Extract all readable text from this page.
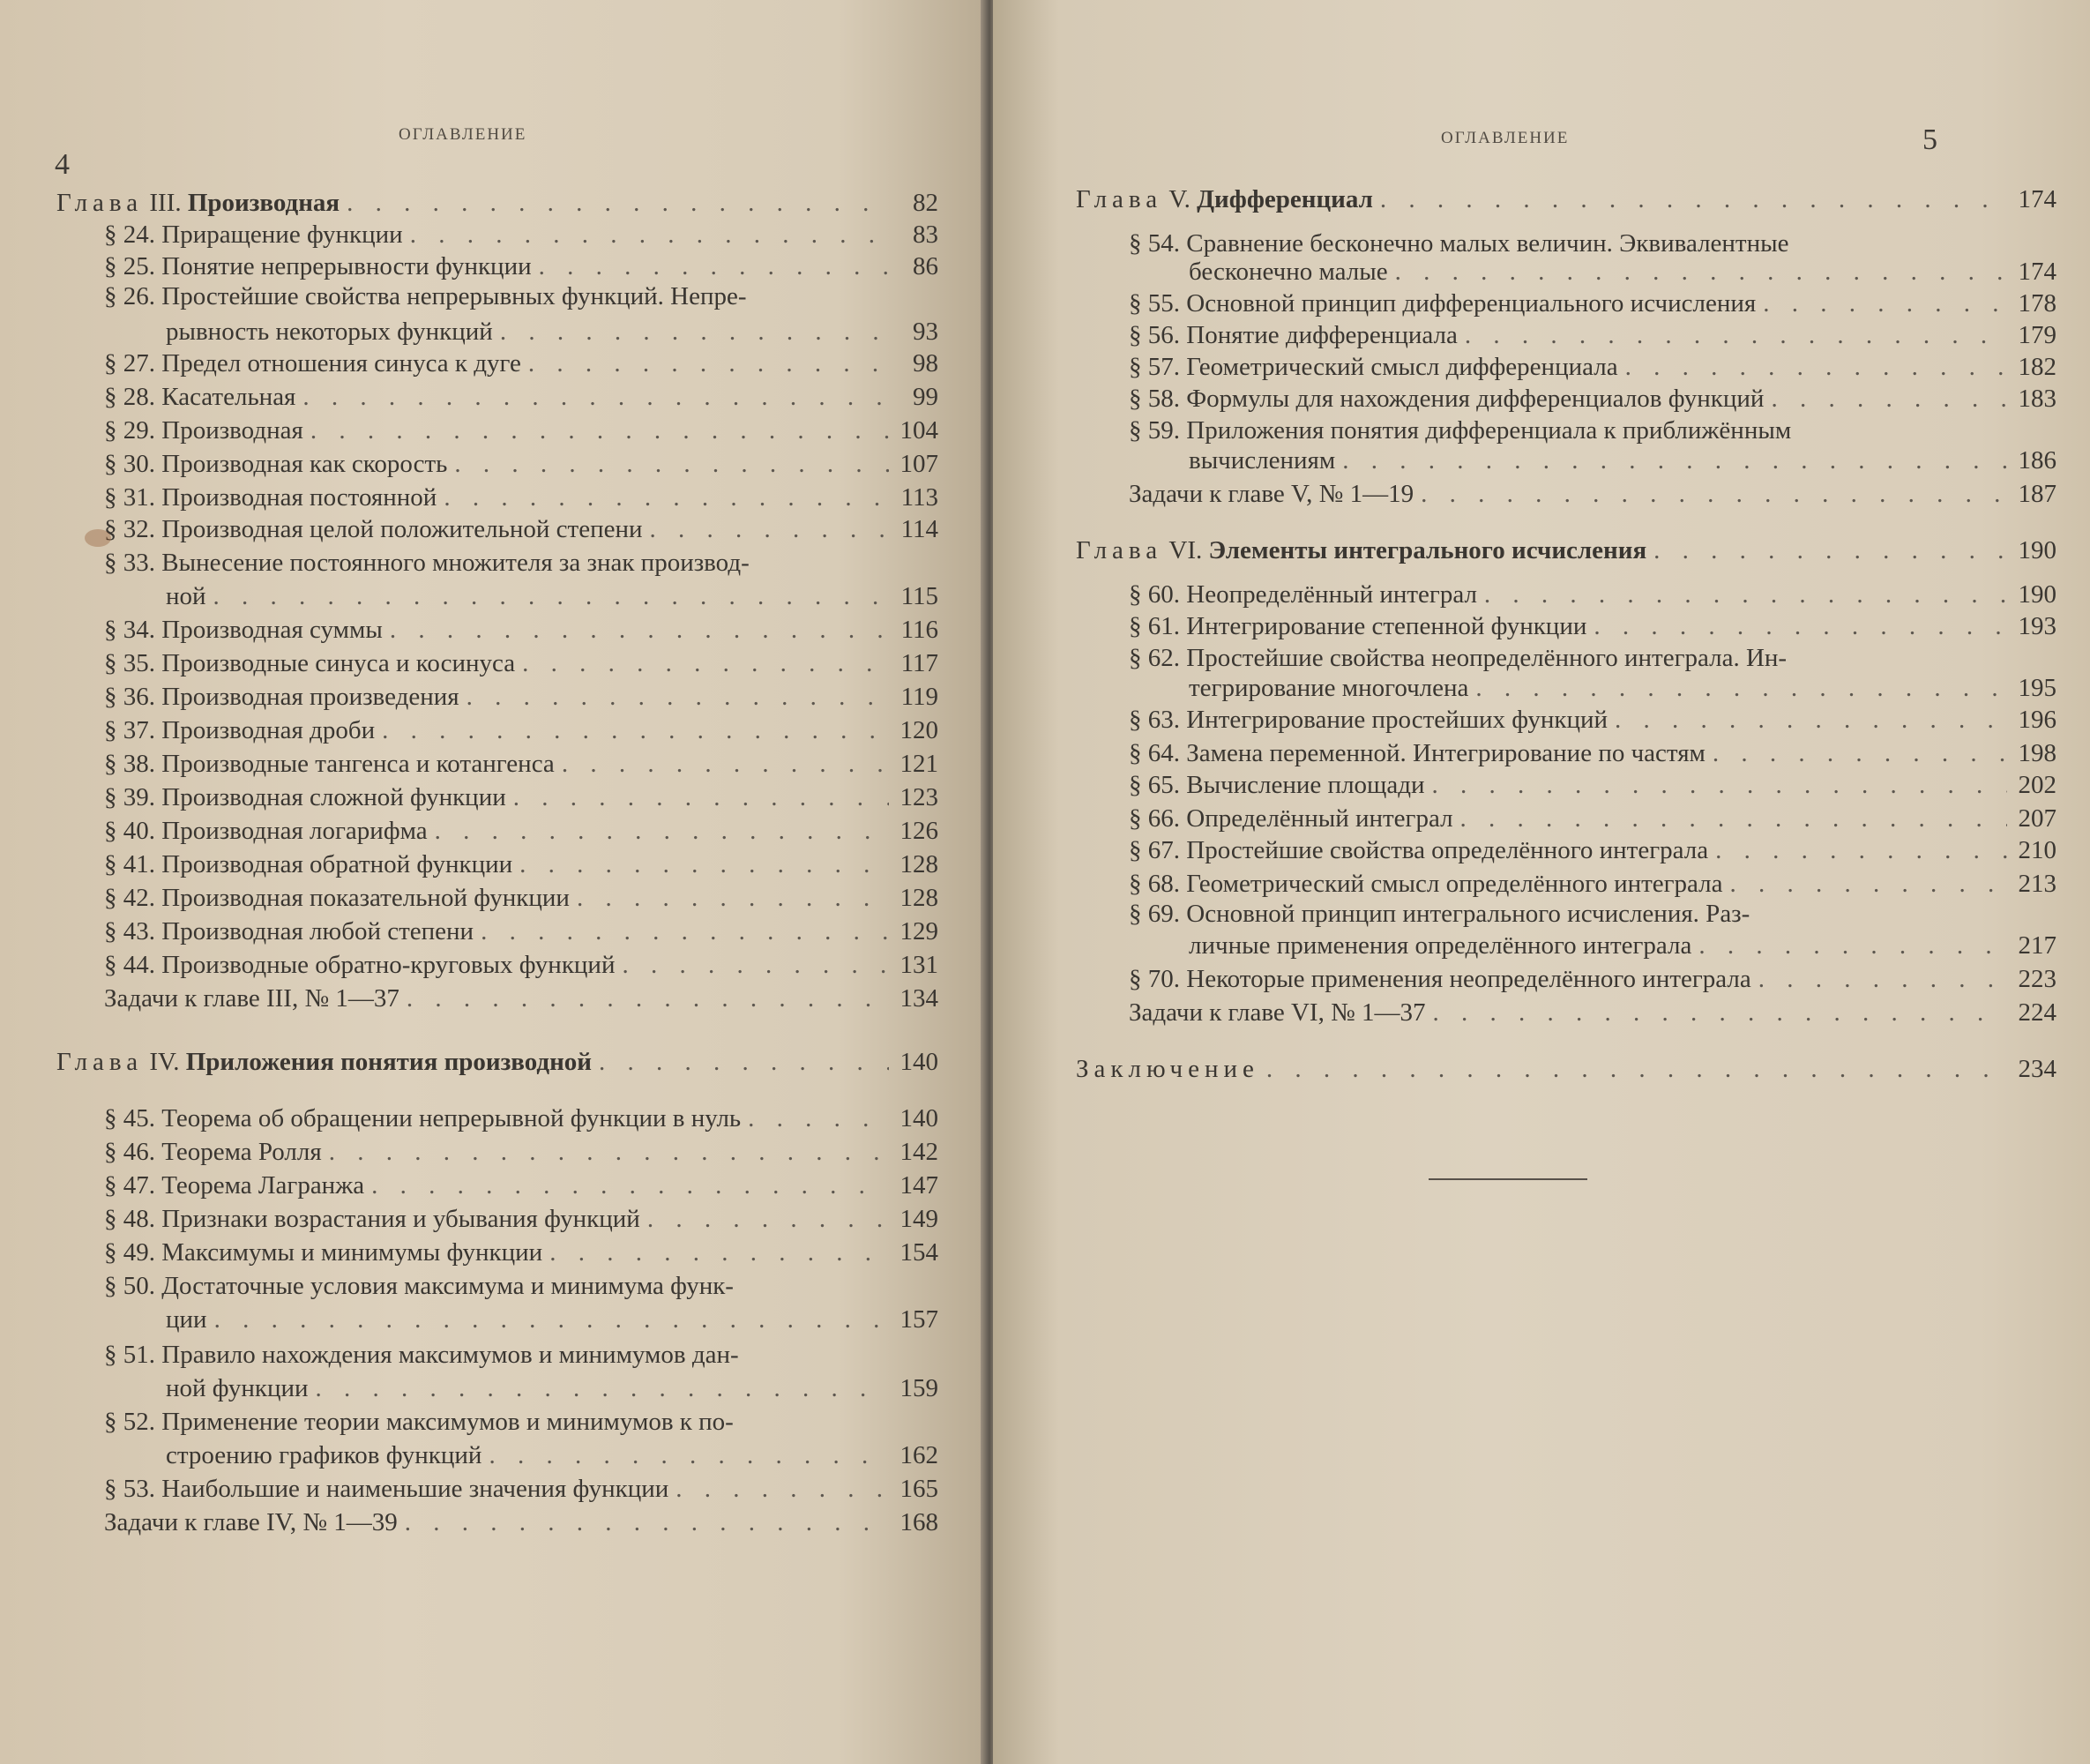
ОГЛАВЛЕНИЕ
4
Глава III. Производная . . .	82
§ 24. Приращение функции . . .	83
§ 25. Понятие непрерывности функции . . .	86
§ 26. Простейшие свойства непрерывных функций. Непре-
рывность некоторых функций . . .	93
§ 27. Предел отношения синуса к дуге . . .	98
§ 28. Касательная . . .	99
§ 29. Производная . . .	104
§ 30. Производная как скорость . . .	107
§ 31. Производная постоянной . . .	113
§ 32. Производная целой положительной степени . . .	114
§ 33. Вынесение постоянного множителя за знак производ-
ной . . .	115
§ 34. Производная суммы . . .	116
§ 35. Производные синуса и косинуса . . .	117
§ 36. Производная произведения . . .	119
§ 37. Производная дроби . . .	120
§ 38. Производные тангенса и котангенса . . .	121
§ 39. Производная сложной функции . . .	123
§ 40. Производная логарифма . . .	126
§ 41. Производная обратной функции . . .	128
§ 42. Производная показательной функции . . .	128
§ 43. Производная любой степени . . .	129
§ 44. Производные обратно-круговых функций . . .	131
Задачи к главе III, № 1—37 . . .	134
Глава IV. Приложения понятия производной . . .	140
§ 45. Теорема об обращении непрерывной функции в нуль . . .	140
§ 46. Теорема Ролля . . .	142
§ 47. Теорема Лагранжа . . .	147
§ 48. Признаки возрастания и убывания функций . . .	149
§ 49. Максимумы и минимумы функции . . .	154
§ 50. Достаточные условия максимума и минимума функ-
ции . . .	157
§ 51. Правило нахождения максимумов и минимумов дан-
ной функции . . .	159
§ 52. Применение теории максимумов и минимумов к по-
строению графиков функций . . .	162
§ 53. Наибольшие и наименьшие значения функции . . .	165
Задачи к главе IV, № 1—39 . . .	168
ОГЛАВЛЕНИЕ	5
Глава V. Дифференциал . . .	174
§ 54. Сравнение бесконечно малых величин. Эквивалентные
бесконечно малые . . .	174
§ 55. Основной принцип дифференциального исчисления . . .	178
§ 56. Понятие дифференциала . . .	179
§ 57. Геометрический смысл дифференциала . . .	182
§ 58. Формулы для нахождения дифференциалов функций . . .	183
§ 59. Приложения понятия дифференциала к приближённым
вычислениям . . .	186
Задачи к главе V, № 1—19 . . .	187
Глава VI. Элементы интегрального исчисления . . .	190
§ 60. Неопределённый интеграл . . .	190
§ 61. Интегрирование степенной функции . . .	193
§ 62. Простейшие свойства неопределённого интеграла. Ин-
тегрирование многочлена . . .	195
§ 63. Интегрирование простейших функций . . .	196
§ 64. Замена переменной. Интегрирование по частям . . .	198
§ 65. Вычисление площади . . .	202
§ 66. Определённый интеграл . . .	207
§ 67. Простейшие свойства определённого интеграла . . .	210
§ 68. Геометрический смысл определённого интеграла . . .	213
§ 69. Основной принцип интегрального исчисления. Раз-
личные применения определённого интеграла . . .	217
§ 70. Некоторые применения неопределённого интеграла . . .	223
Задачи к главе VI, № 1—37 . . .	224
Заключение . . .	234
